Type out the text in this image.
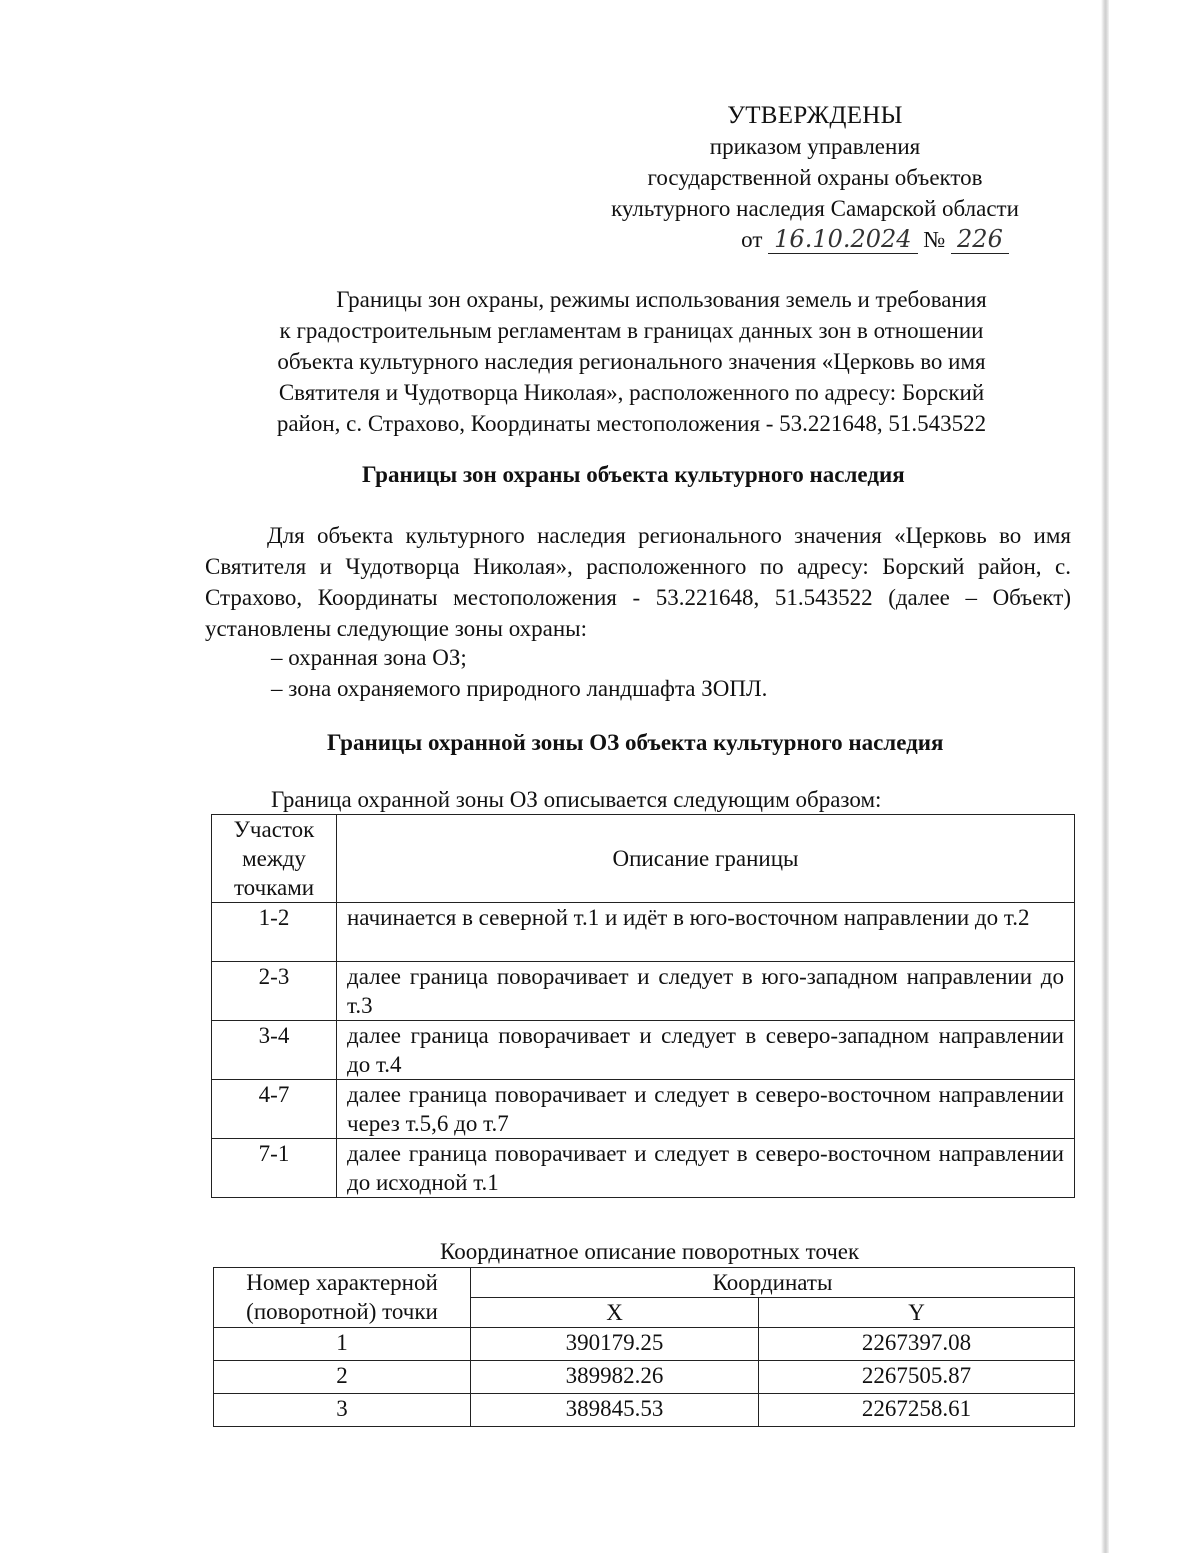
УТВЕРЖДЕНЫ
приказом управления
государственной охраны объектов
культурного наследия Самарской области
от 16.10.2024 № 226

Границы зон охраны, режимы использования земель и требования

к градостроительным регламентам в границах данных зон в отношении

объекта культурного наследия регионального значения «Церковь во имя

Святителя и Чудотворца Николая», расположенного по адресу: Борский

район, с. Страхово, Координаты местоположения - 53.221648, 51.543522

Границы зон охраны объекта культурного наследия

Для объекта культурного наследия регионального значения «Церковь во имя Святителя и Чудотворца Николая», расположенного по адресу: Борский район, с. Страхово, Координаты местоположения - 53.221648, 51.543522 (далее – Объект) установлены следующие зоны охраны:

– охранная зона ОЗ;
– зона охраняемого природного ландшафта ЗОПЛ.
Границы охранной зоны ОЗ объекта культурного наследия
Граница охранной зоны ОЗ описывается следующим образом:
Участок между точками	Описание границы
1-2	начинается в северной т.1 и идёт в юго-восточном направлении до т.2
2-3	далее граница поворачивает и следует в юго-западном направлении до т.3
3-4	далее граница поворачивает и следует в северо-западном направлении до т.4
4-7	далее граница поворачивает и следует в северо-восточном направлении через т.5,6 до т.7
7-1	далее граница поворачивает и следует в северо-восточном направлении до исходной т.1
Координатное описание поворотных точек
Номер характерной (поворотной) точки	Координаты	
	X	Y
1	390179.25	2267397.08
2	389982.26	2267505.87
3	389845.53	2267258.61
